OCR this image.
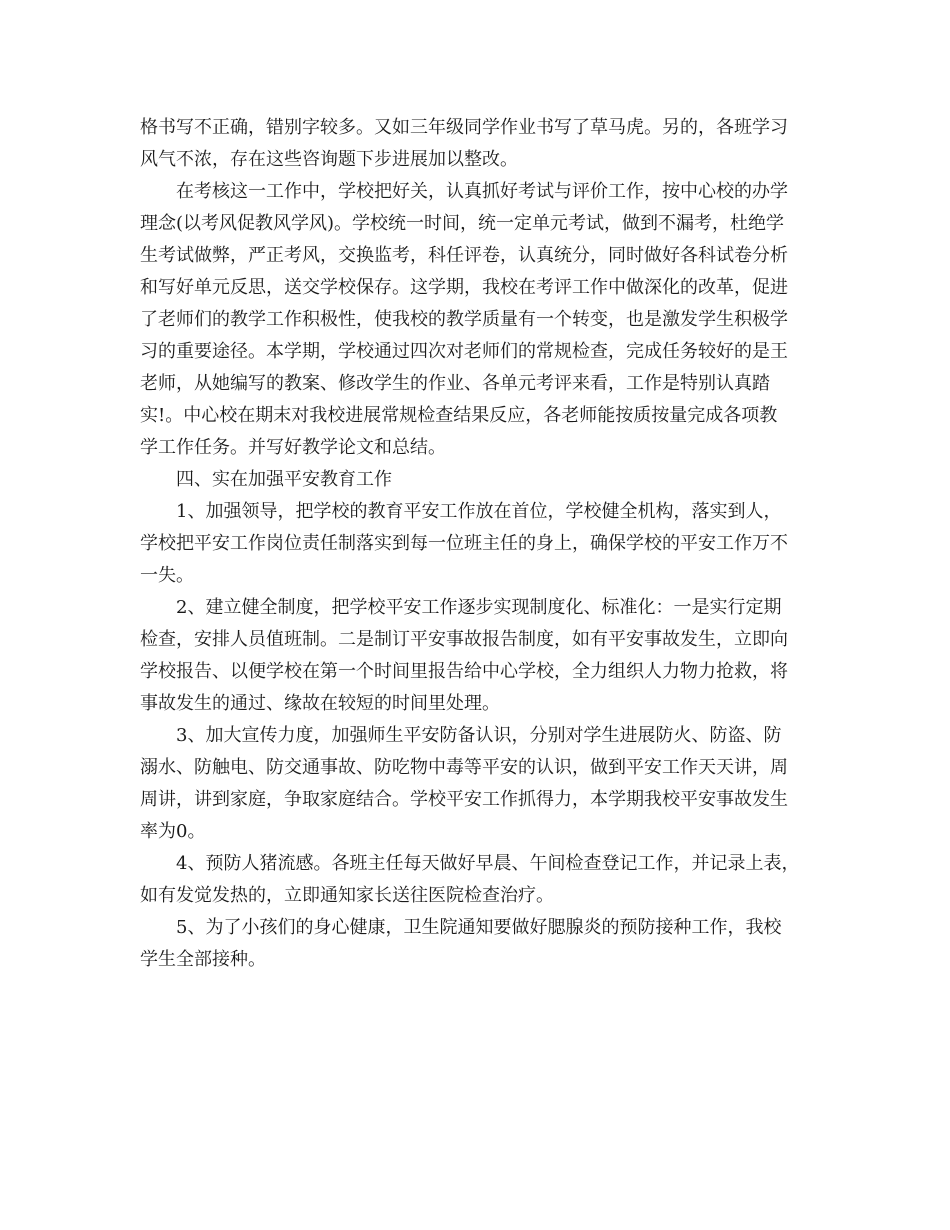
格书写不正确，错别字较多。又如三年级同学作业书写了草马虎。另的，各班学习
风气不浓，存在这些咨询题下步进展加以整改。
在考核这一工作中，学校把好关，认真抓好考试与评价工作，按中心校的办学
理念(以考风促教风学风)。学校统一时间，统一定单元考试，做到不漏考，杜绝学
生考试做弊，严正考风，交换监考，科任评卷，认真统分，同时做好各科试卷分析
和写好单元反思，送交学校保存。这学期，我校在考评工作中做深化的改革，促进
了老师们的教学工作积极性，使我校的教学质量有一个转变，也是激发学生积极学
习的重要途径。本学期，学校通过四次对老师们的常规检查，完成任务较好的是王
老师，从她编写的教案、修改学生的作业、各单元考评来看，工作是特别认真踏
实!。中心校在期末对我校进展常规检查结果反应，各老师能按质按量完成各项教
学工作任务。并写好教学论文和总结。
四、实在加强平安教育工作
1、加强领导，把学校的教育平安工作放在首位，学校健全机构，落实到人，
学校把平安工作岗位责任制落实到每一位班主任的身上，确保学校的平安工作万不
一失。
2、建立健全制度，把学校平安工作逐步实现制度化、标准化：一是实行定期
检查，安排人员值班制。二是制订平安事故报告制度，如有平安事故发生，立即向
学校报告、以便学校在第一个时间里报告给中心学校，全力组织人力物力抢救，将
事故发生的通过、缘故在较短的时间里处理。
3、加大宣传力度，加强师生平安防备认识，分别对学生进展防火、防盗、防
溺水、防触电、防交通事故、防吃物中毒等平安的认识，做到平安工作天天讲，周
周讲，讲到家庭，争取家庭结合。学校平安工作抓得力，本学期我校平安事故发生
率为0。
4、预防人猪流感。各班主任每天做好早晨、午间检查登记工作，并记录上表，
如有发觉发热的，立即通知家长送往医院检查治疗。
5、为了小孩们的身心健康，卫生院通知要做好腮腺炎的预防接种工作，我校
学生全部接种。
